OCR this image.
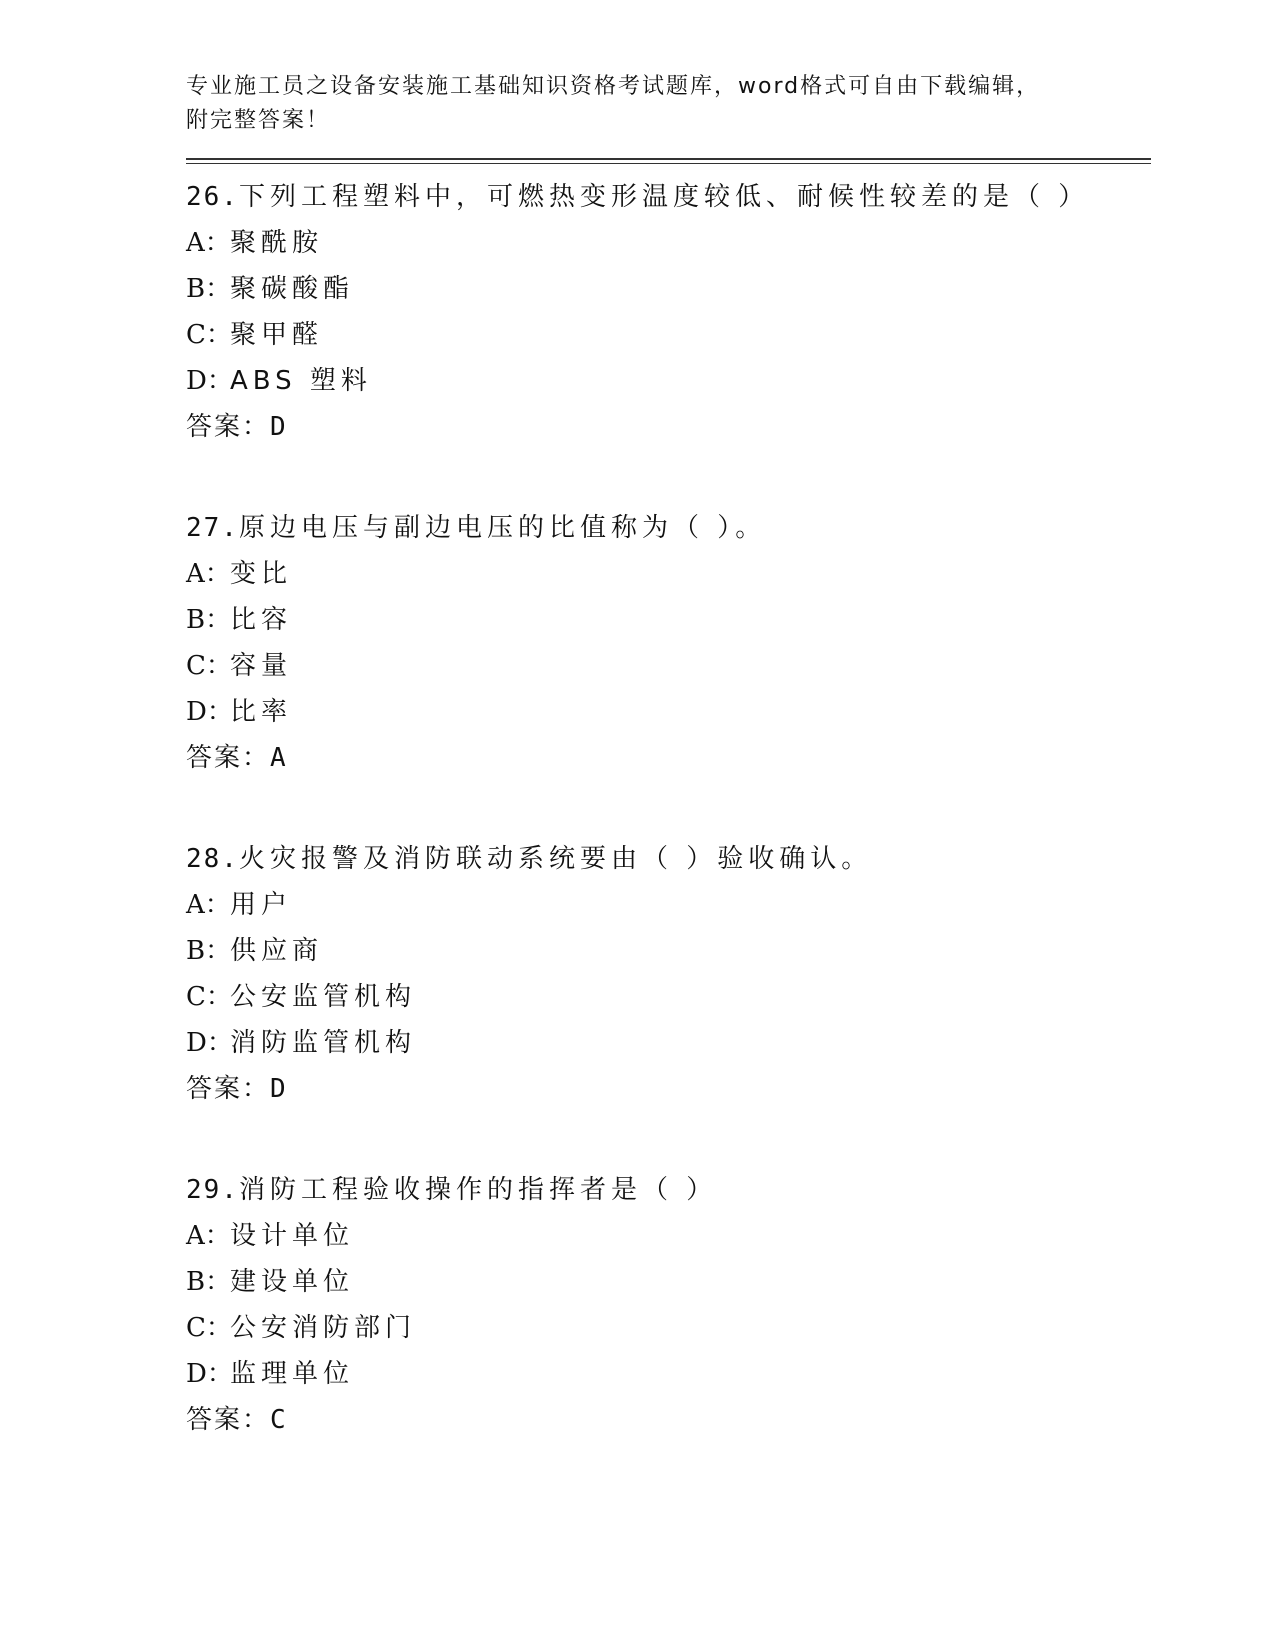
专业施工员之设备安装施工基础知识资格考试题库，word格式可自由下载编辑，
附完整答案！
26.下列工程塑料中，可燃热变形温度较低、耐候性较差的是（ ）
A：聚酰胺
B：聚碳酸酯
C：聚甲醛
D：ABS 塑料
答案：D
27.原边电压与副边电压的比值称为（ ）。
A：变比
B：比容
C：容量
D：比率
答案：A
28.火灾报警及消防联动系统要由（ ）验收确认。
A：用户
B：供应商
C：公安监管机构
D：消防监管机构
答案：D
29.消防工程验收操作的指挥者是（ ）
A：设计单位
B：建设单位
C：公安消防部门
D：监理单位
答案：C
